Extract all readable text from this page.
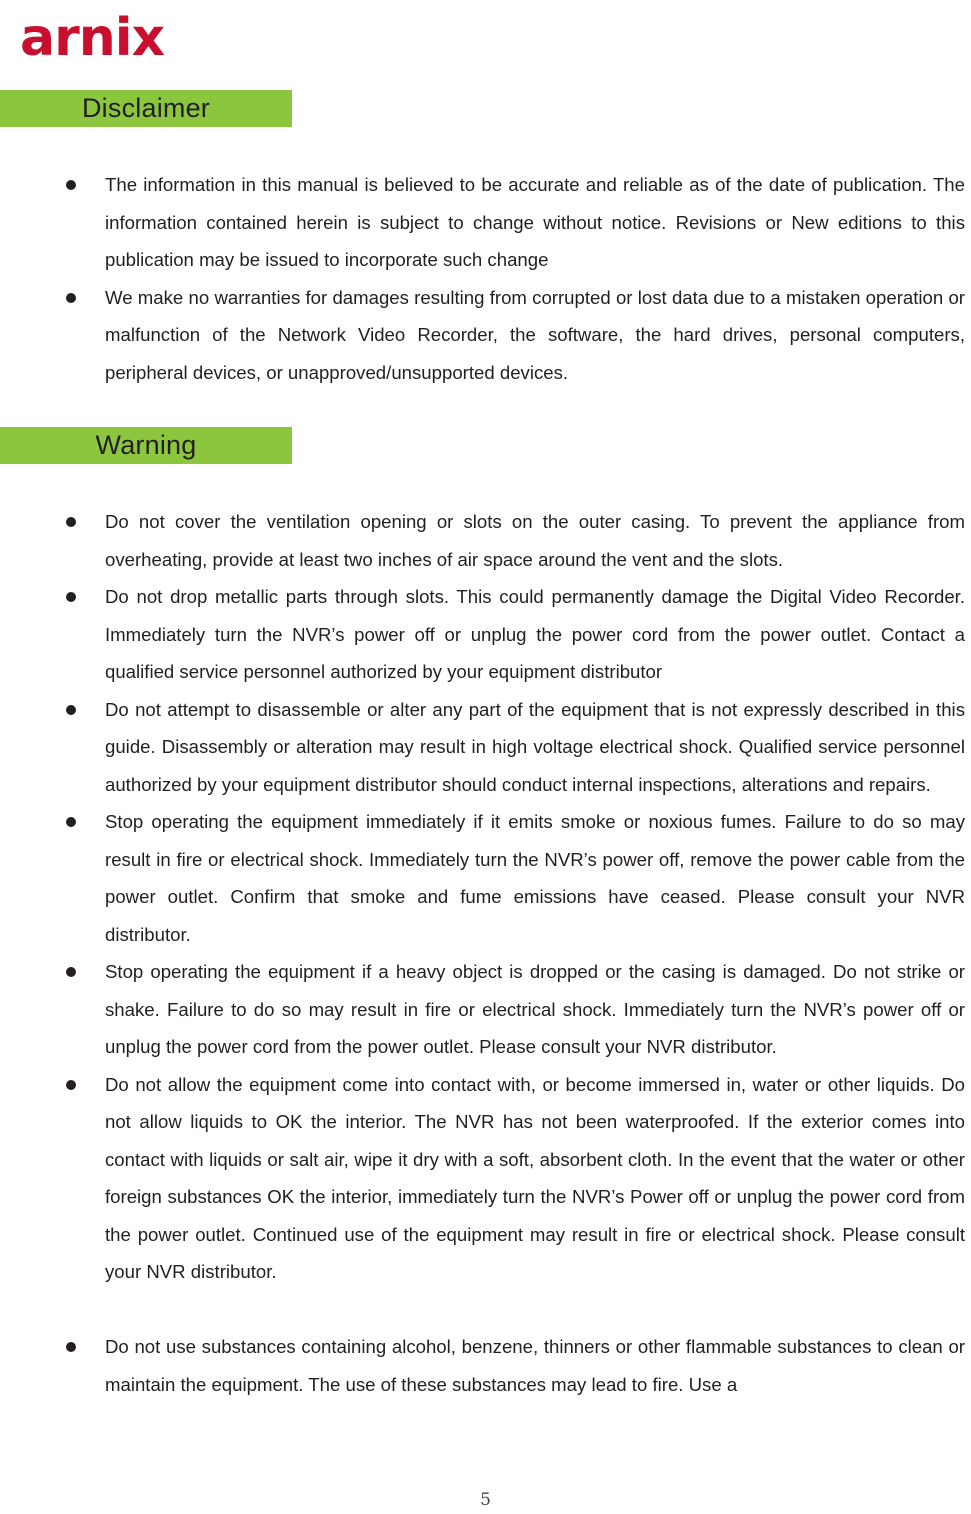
arnix
Disclaimer
The information in this manual is believed to be accurate and reliable as of the date of publication. The information contained herein is subject to change without notice. Revisions or New editions to this publication may be issued to incorporate such change
We make no warranties for damages resulting from corrupted or lost data due to a mistaken operation or malfunction of the Network Video Recorder, the software, the hard drives, personal computers, peripheral devices, or unapproved/unsupported devices.
Warning
Do not cover the ventilation opening or slots on the outer casing. To prevent the appliance from overheating, provide at least two inches of air space around the vent and the slots.
Do not drop metallic parts through slots. This could permanently damage the Digital Video Recorder. Immediately turn the NVR’s power off or unplug the power cord from the power outlet. Contact a qualified service personnel authorized by your equipment distributor
Do not attempt to disassemble or alter any part of the equipment that is not expressly described in this guide. Disassembly or alteration may result in high voltage electrical shock. Qualified service personnel authorized by your equipment distributor should conduct internal inspections, alterations and repairs.
Stop operating the equipment immediately if it emits smoke or noxious fumes. Failure to do so may result in fire or electrical shock. Immediately turn the NVR’s power off, remove the power cable from the power outlet. Confirm that smoke and fume emissions have ceased. Please consult your NVR distributor.
Stop operating the equipment if a heavy object is dropped or the casing is damaged. Do not strike or shake. Failure to do so may result in fire or electrical shock. Immediately turn the NVR’s power off or unplug the power cord from the power outlet. Please consult your NVR distributor.
Do not allow the equipment come into contact with, or become immersed in, water or other liquids. Do not allow liquids to OK the interior. The NVR has not been waterproofed. If the exterior comes into contact with liquids or salt air, wipe it dry with a soft, absorbent cloth. In the event that the water or other foreign substances OK the interior, immediately turn the NVR’s Power off or unplug the power cord from the power outlet. Continued use of the equipment may result in fire or electrical shock. Please consult your NVR distributor.
Do not use substances containing alcohol, benzene, thinners or other flammable substances to clean or maintain the equipment. The use of these substances may lead to fire. Use a
5
